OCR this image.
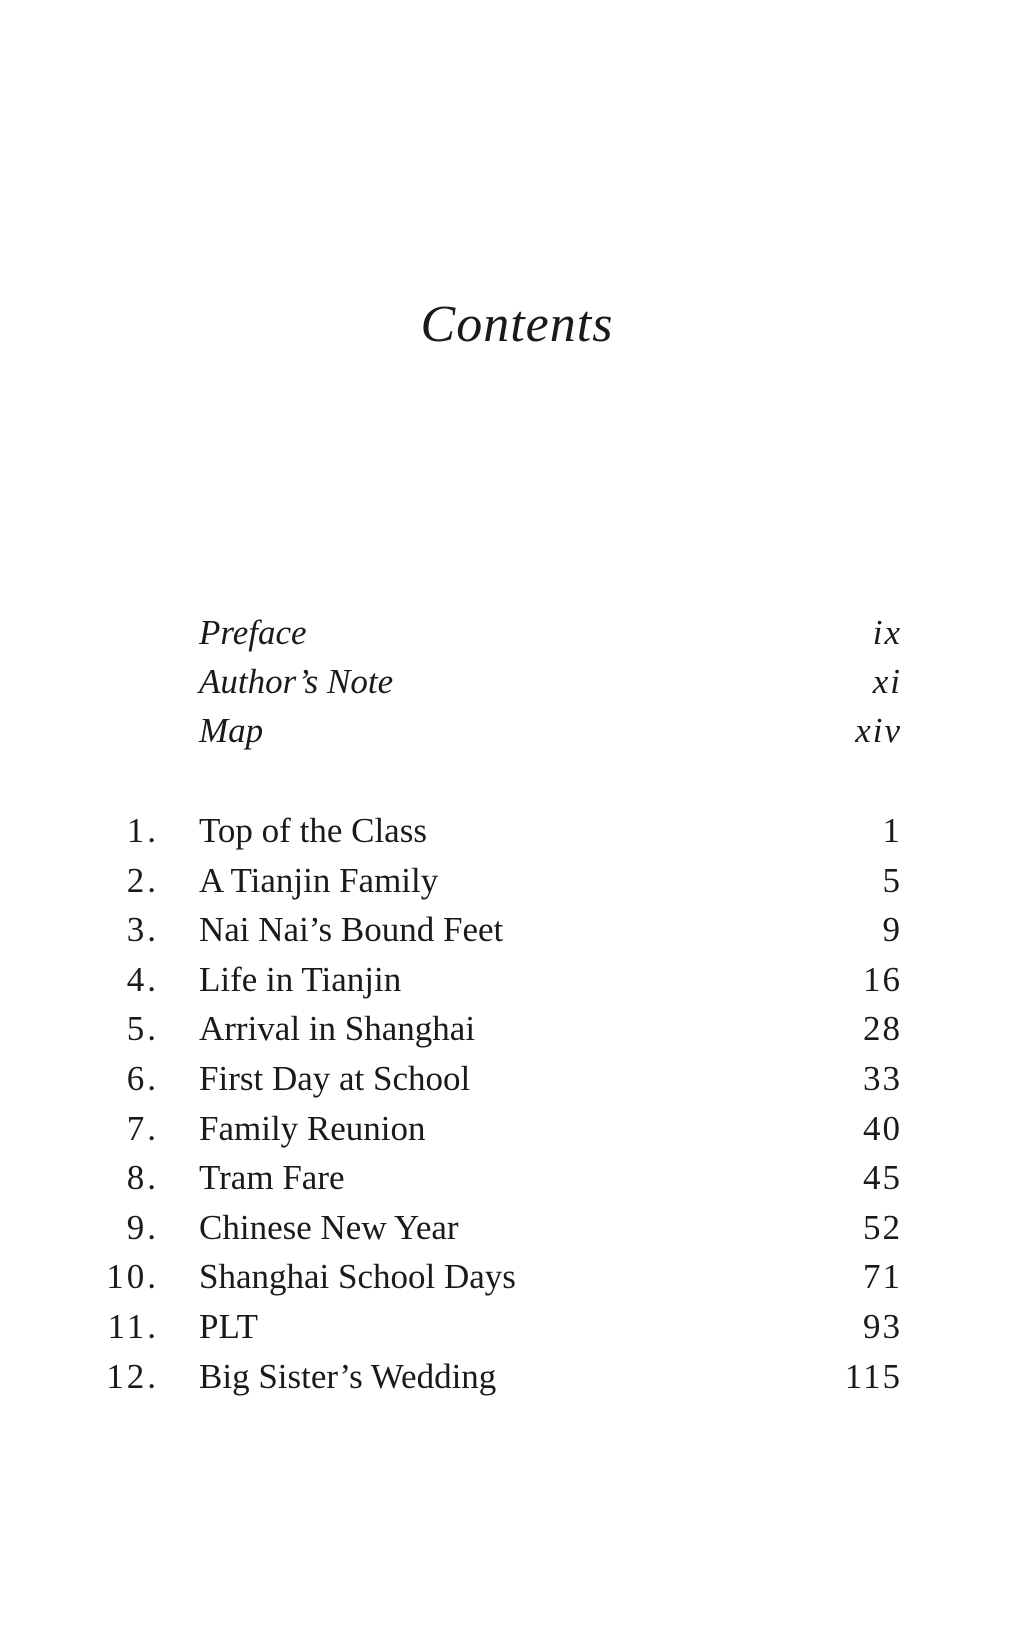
Contents
Preface	ix
Author’s Note	xi
Map	xiv
1. Top of the Class	1
2. A Tianjin Family	5
3. Nai Nai’s Bound Feet	9
4. Life in Tianjin	16
5. Arrival in Shanghai	28
6. First Day at School	33
7. Family Reunion	40
8. Tram Fare	45
9. Chinese New Year	52
10. Shanghai School Days	71
11. PLT	93
12. Big Sister’s Wedding	115
